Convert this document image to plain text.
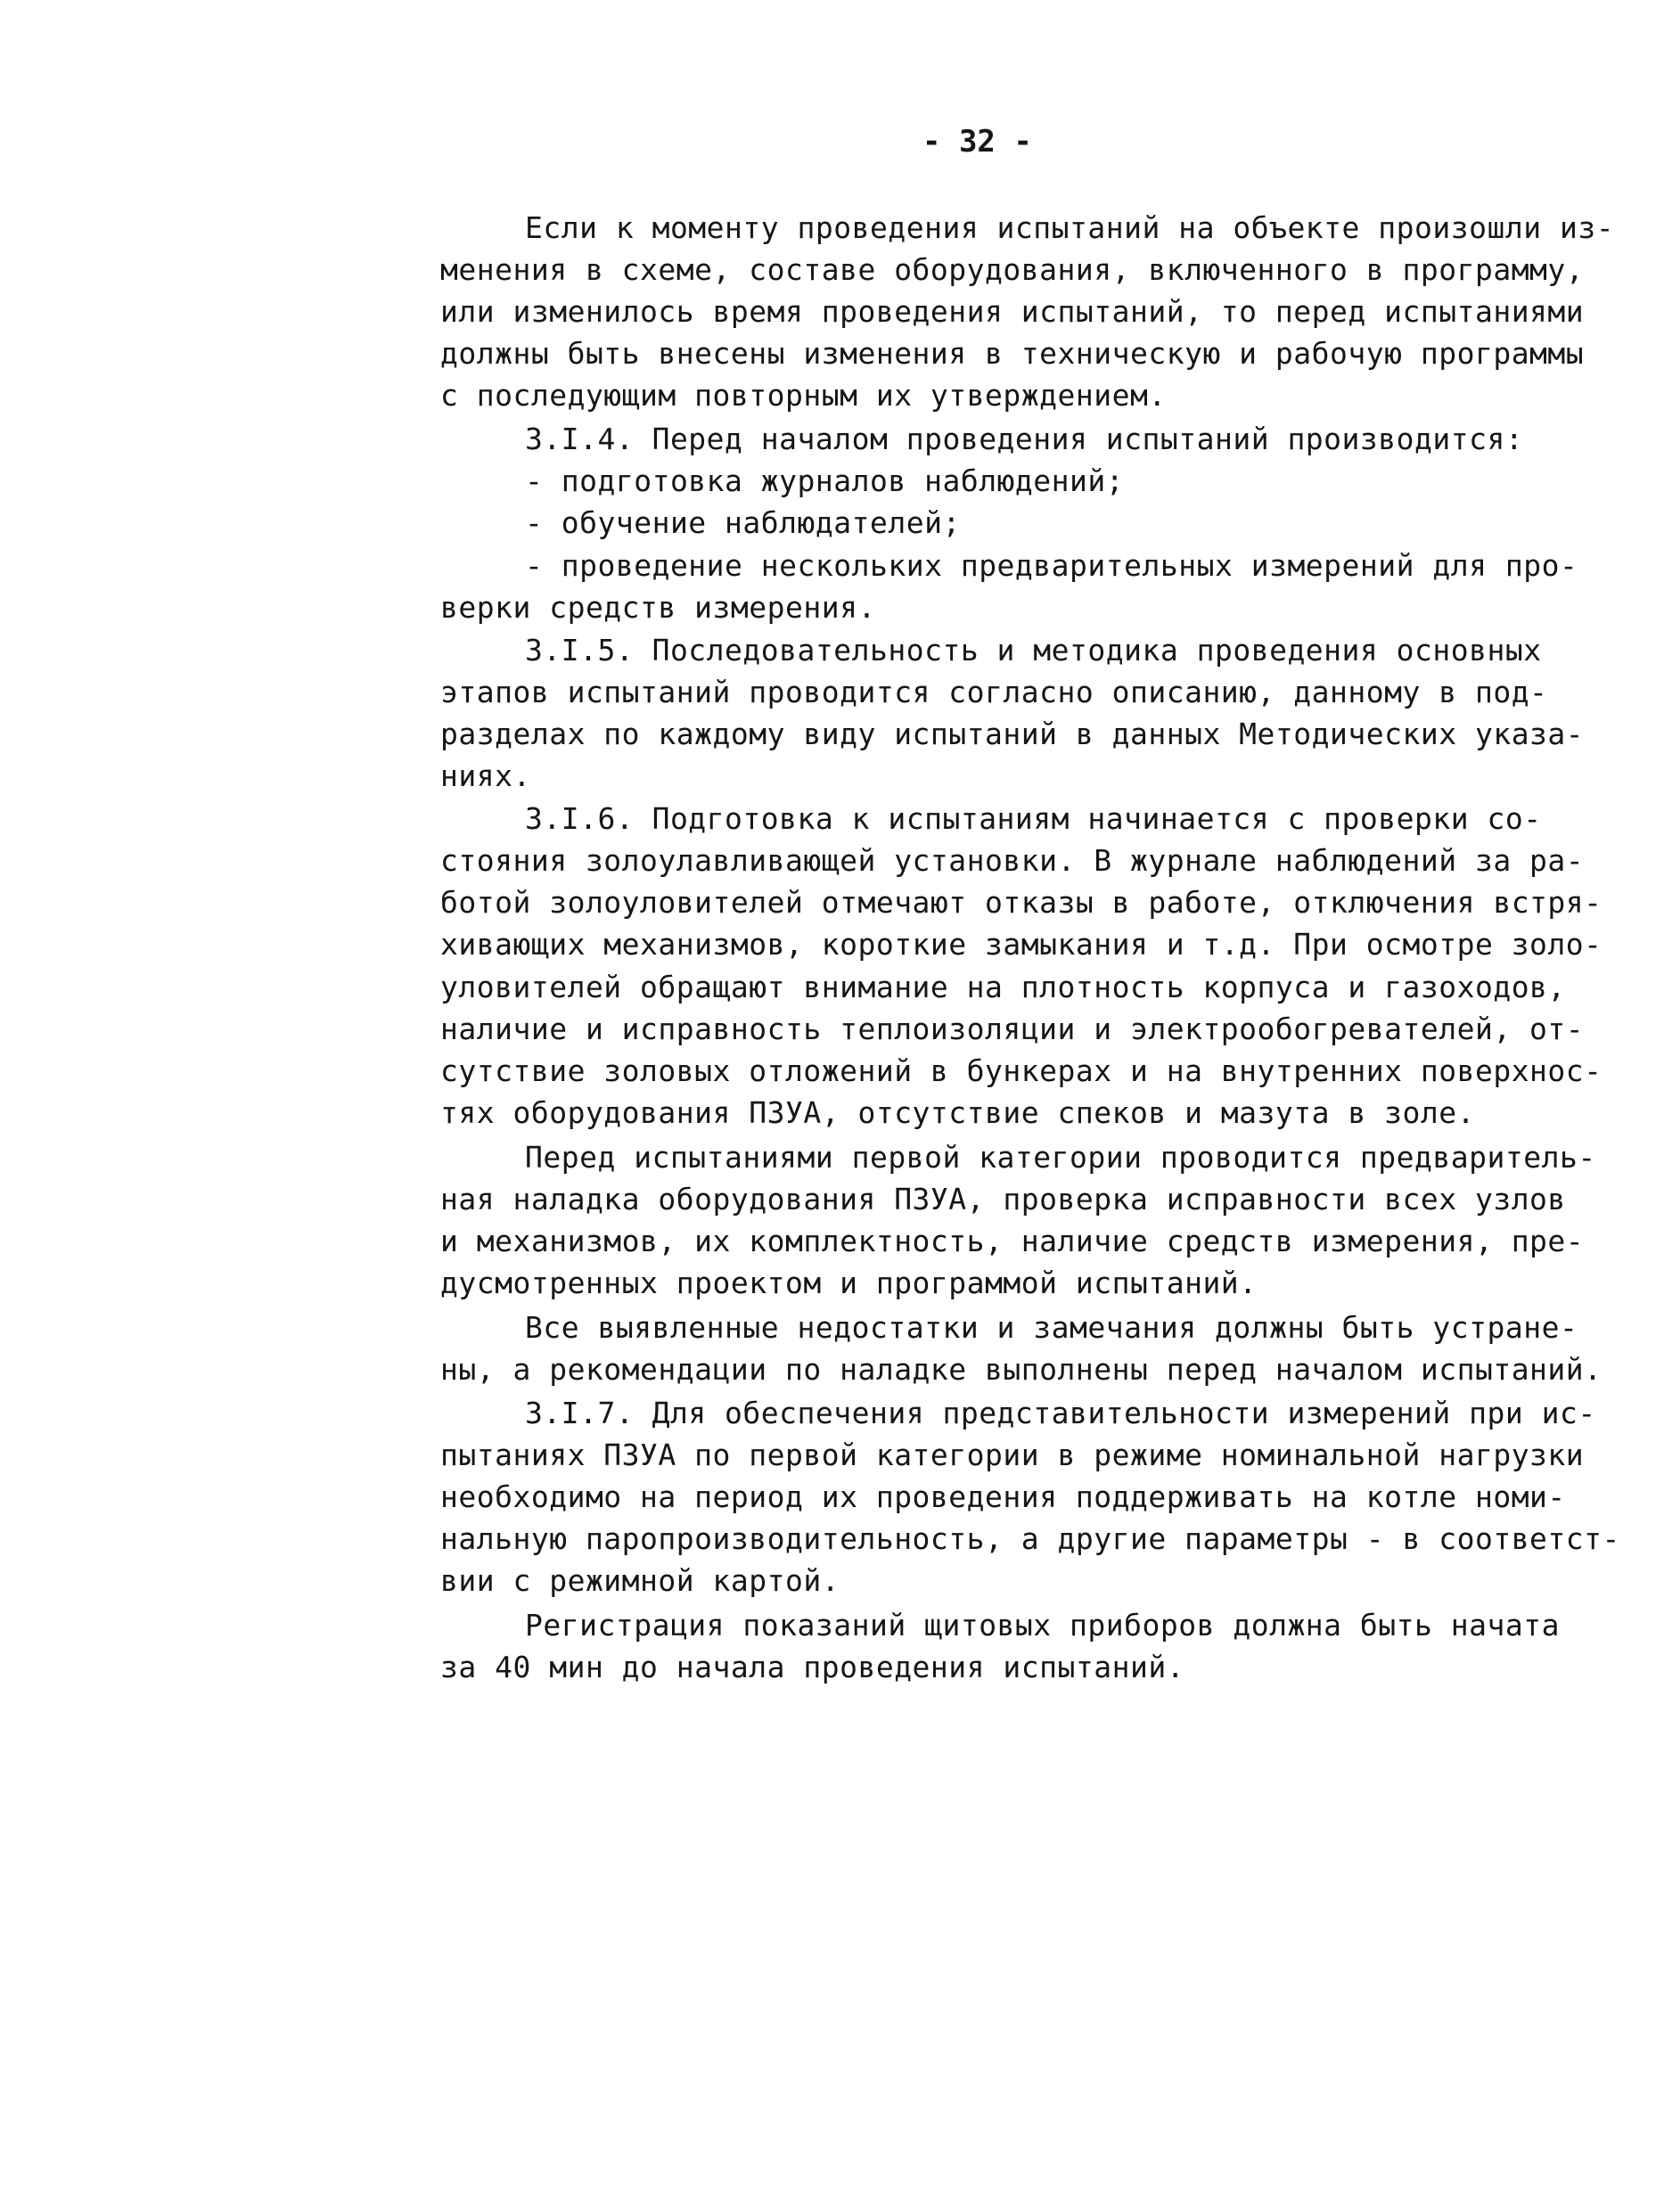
- 32 -
Если к моменту проведения испытаний на объекте произошли из-
менения в схеме, составе оборудования, включенного в программу,
или изменилось время проведения испытаний, то перед испытаниями
должны быть внесены изменения в техническую и рабочую программы
с последующим повторным их утверждением.
3.I.4. Перед началом проведения испытаний производится:
- подготовка журналов наблюдений;
- обучение наблюдателей;
- проведение нескольких предварительных измерений для про-
верки средств измерения.
3.I.5. Последовательность и методика проведения основных
этапов испытаний проводится согласно описанию, данному в под-
разделах по каждому виду испытаний в данных Методических указа-
ниях.
3.I.6. Подготовка к испытаниям начинается с проверки со-
стояния золоулавливающей установки. В журнале наблюдений за ра-
ботой золоуловителей отмечают отказы в работе, отключения встря-
хивающих механизмов, короткие замыкания и т.д. При осмотре золо-
уловителей обращают внимание на плотность корпуса и газоходов,
наличие и исправность теплоизоляции и электрообогревателей, от-
сутствие золовых отложений в бункерах и на внутренних поверхнос-
тях оборудования ПЗУА, отсутствие спеков и мазута в золе.
Перед испытаниями первой категории проводится предваритель-
ная наладка оборудования ПЗУА, проверка исправности всех узлов
и механизмов, их комплектность, наличие средств измерения, пре-
дусмотренных проектом и программой испытаний.
Все выявленные недостатки и замечания должны быть устране-
ны, а рекомендации по наладке выполнены перед началом испытаний.
3.I.7. Для обеспечения представительности измерений при ис-
пытаниях ПЗУА по первой категории в режиме номинальной нагрузки
необходимо на период их проведения поддерживать на котле номи-
нальную паропроизводительность, а другие параметры - в соответст-
вии с режимной картой.
Регистрация показаний щитовых приборов должна быть начата
за 40 мин до начала проведения испытаний.
